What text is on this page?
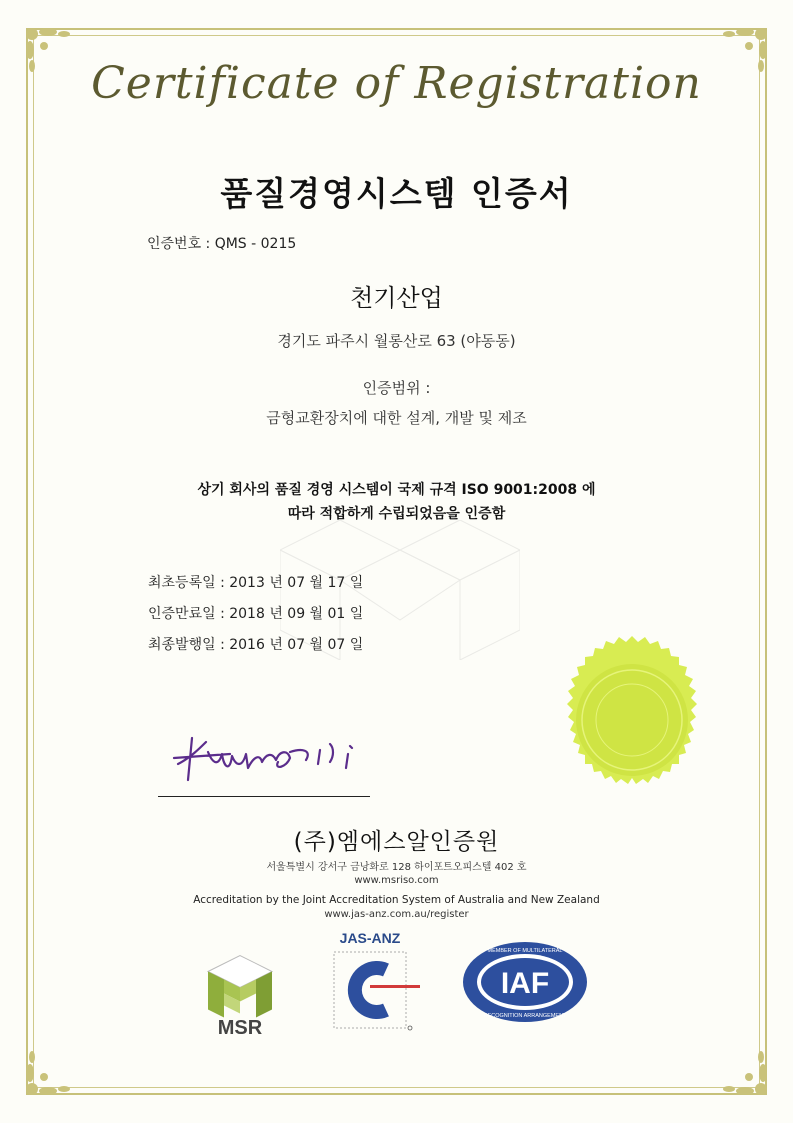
Certificate of Registration
품질경영시스템 인증서
인증번호 : QMS - 0215
천기산업
경기도 파주시 월롱산로 63 (야동동)
인증범위 :
금형교환장치에 대한 설계, 개발 및 제조
상기 회사의 품질 경영 시스템이 국제 규격 ISO 9001:2008 에
따라 적합하게 수립되었음을 인증함
최초등록일 : 2013 년 07 월 17 일
인증만료일 : 2018 년 09 월 01 일
최종발행일 : 2016 년 07 월 07 일
(주)엠에스알인증원
서울특별시 강서구 금낭화로 128 하이포트오피스텔 402 호
www.msriso.com
Accreditation by the Joint Accreditation System of Australia and New Zealand
www.jas-anz.com.au/register
MSR
JAS-ANZ
IAF
MEMBER OF MULTILATERAL
RECOGNITION ARRANGEMENT
